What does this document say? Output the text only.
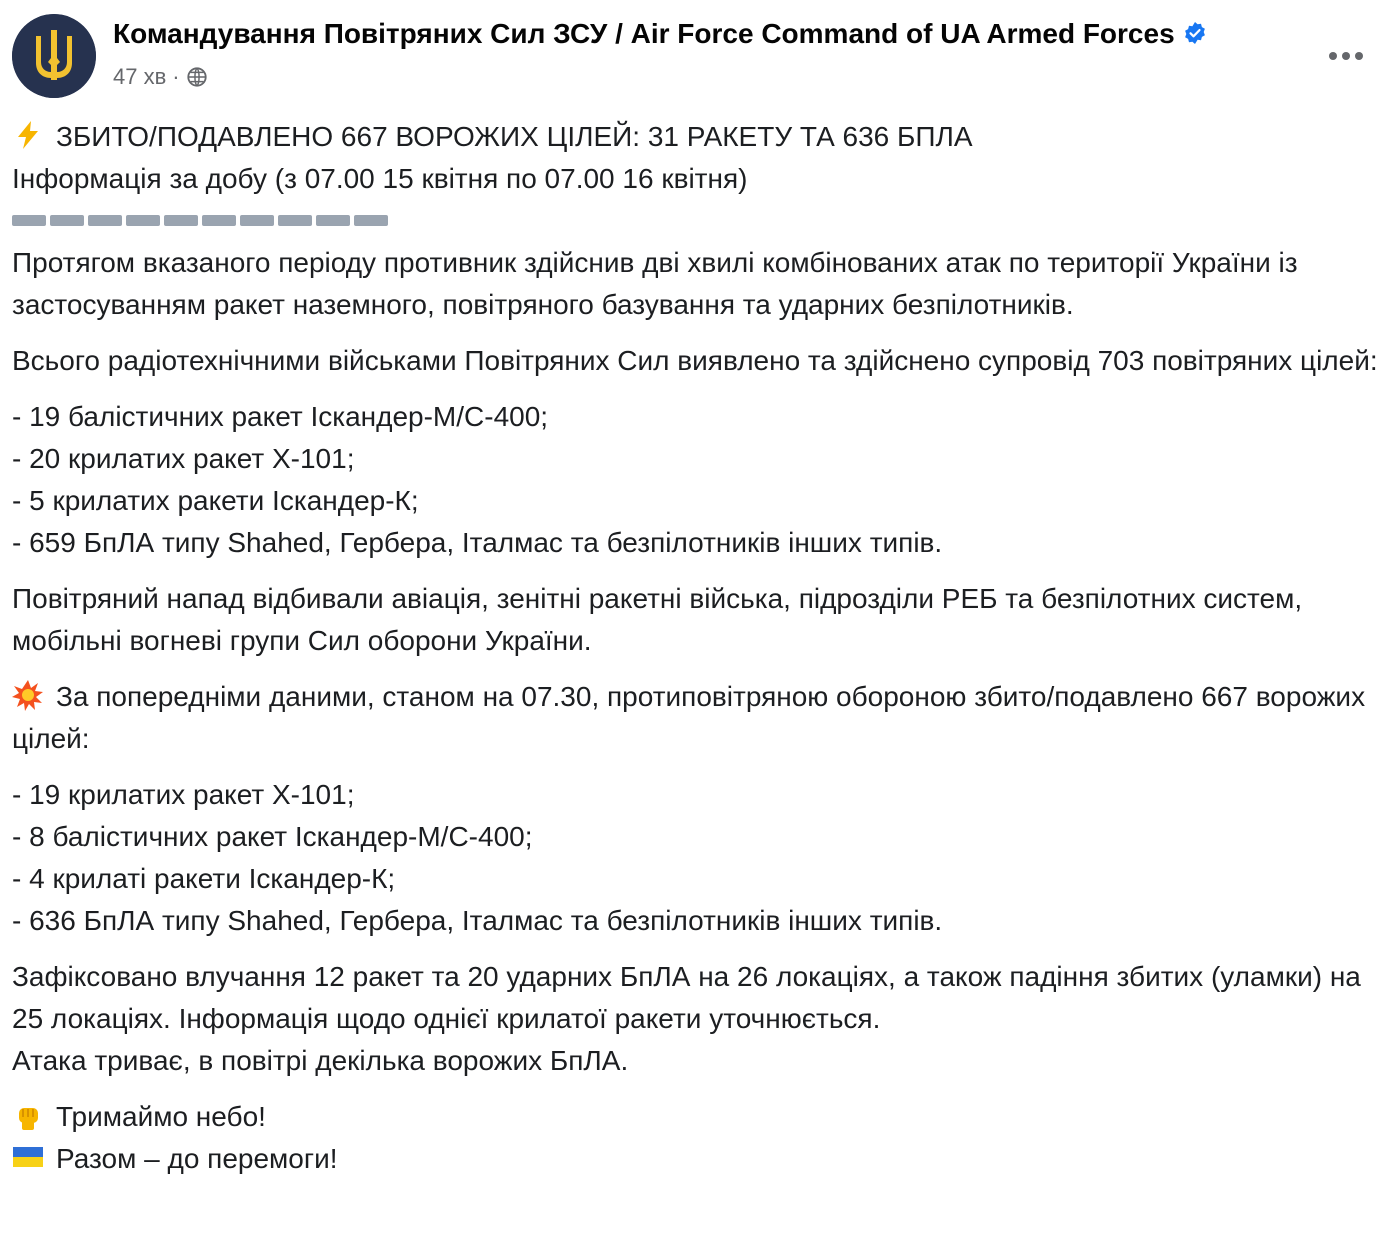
Командування Повітряних Сил ЗСУ / Air Force Command of UA Armed Forces
47 хв ·

ЗБИТО/ПОДАВЛЕНО 667 ВОРОЖИХ ЦІЛЕЙ: 31 РАКЕТУ ТА 636 БПЛА

Інформація за добу (з 07.00 15 квітня по 07.00 16 квітня)

Протягом вказаного періоду противник здійснив дві хвилі комбінованих атак по території України із застосуванням ракет наземного, повітряного базування та ударних безпілотників.

Всього радіотехнічними військами Повітряних Сил виявлено та здійснено супровід 703 повітряних цілей:

- 19 балістичних ракет Іскандер-М/С-400;

- 20 крилатих ракет Х-101;

- 5 крилатих ракети Іскандер-К;

- 659 БпЛА типу Shahed, Гербера, Італмас та безпілотників інших типів.

Повітряний напад відбивали авіація, зенітні ракетні війська, підрозділи РЕБ та безпілотних систем, мобільні вогневі групи Сил оборони України.

За попередніми даними, станом на 07.30, протиповітряною обороною збито/подавлено 667 ворожих цілей:

- 19 крилатих ракет Х-101;

- 8 балістичних ракет Іскандер-М/С-400;

- 4 крилаті ракети Іскандер-К;

- 636 БпЛА типу Shahed, Гербера, Італмас та безпілотників інших типів.

Зафіксовано влучання 12 ракет та 20 ударних БпЛА на 26 локаціях, а також падіння збитих (уламки) на 25 локаціях. Інформація щодо однієї крилатої ракети уточнюється.

Атака триває, в повітрі декілька ворожих БпЛА.

Тримаймо небо!

Разом – до перемоги!
